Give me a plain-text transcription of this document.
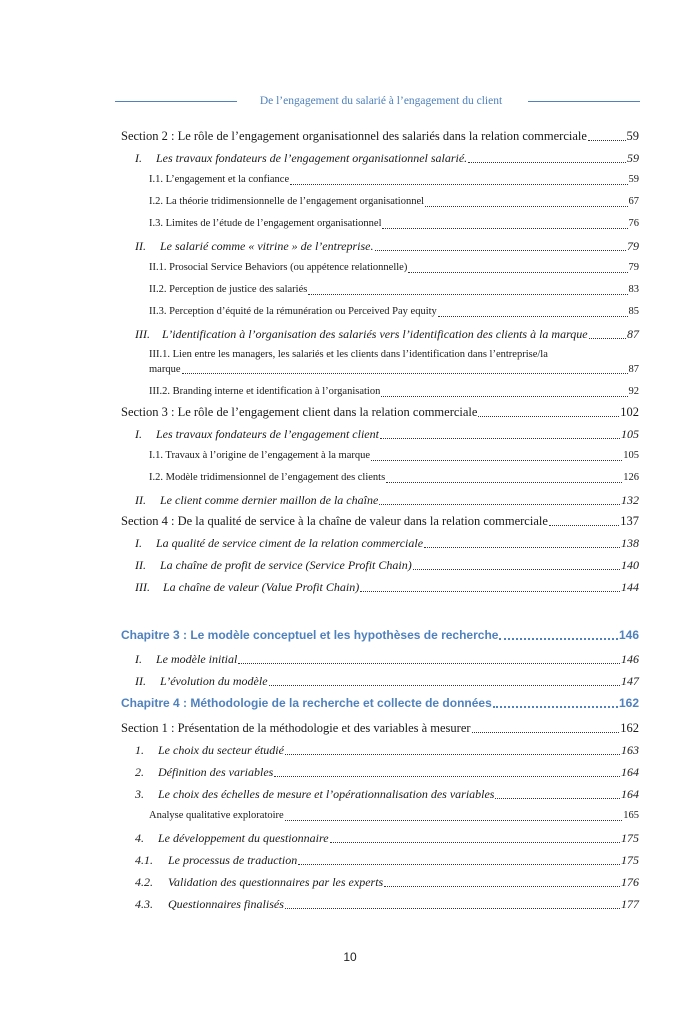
De l’engagement du salarié à l’engagement du client
Section 2 : Le rôle de l’engagement organisationnel des salariés dans la relation commerciale	59
I.	Les travaux fondateurs de l’engagement organisationnel salarié.	59
I.1. L’engagement et la confiance	59
I.2. La théorie tridimensionnelle de l’engagement organisationnel	67
I.3. Limites de l’étude de l’engagement organisationnel	76
II.	Le salarié comme « vitrine » de l’entreprise.	79
II.1. Prosocial Service Behaviors (ou appétence relationnelle)	79
II.2. Perception de justice des salariés	83
II.3. Perception d’équité de la rémunération ou Perceived Pay equity	85
III.	L’identification à l’organisation des salariés vers l’identification des clients à la marque	87
III.1. Lien entre les managers, les salariés et les clients dans l’identification dans l’entreprise/la
marque	87
III.2. Branding interne et identification à l’organisation	92
Section 3 : Le rôle de l’engagement client dans la relation commerciale	102
I.	Les travaux fondateurs de l’engagement client	105
I.1. Travaux à l’origine de l’engagement à la marque	105
I.2. Modèle tridimensionnel de l’engagement des clients	126
II.	Le client comme dernier maillon de la chaîne	132
Section 4 : De la qualité de service à la chaîne de valeur dans la relation commerciale	137
I.	La qualité de service ciment de la relation commerciale	138
II.	La chaîne de profit de service (Service Profit Chain)	140
III.	La chaîne de valeur (Value Profit Chain)	144
Chapitre 3 : Le modèle conceptuel et les hypothèses de recherche	146
I.	Le modèle initial	146
II.	L’évolution du modèle	147
Chapitre 4 : Méthodologie de la recherche et collecte de données	162
Section 1 : Présentation de la méthodologie et des variables à mesurer	162
1.	Le choix du secteur étudié	163
2.	Définition des variables	164
3.	Le choix des échelles de mesure et l’opérationnalisation des variables	164
Analyse qualitative exploratoire	165
4.	Le développement du questionnaire	175
4.1.	Le processus de traduction	175
4.2.	Validation des questionnaires par les experts	176
4.3.	Questionnaires finalisés	177
10
